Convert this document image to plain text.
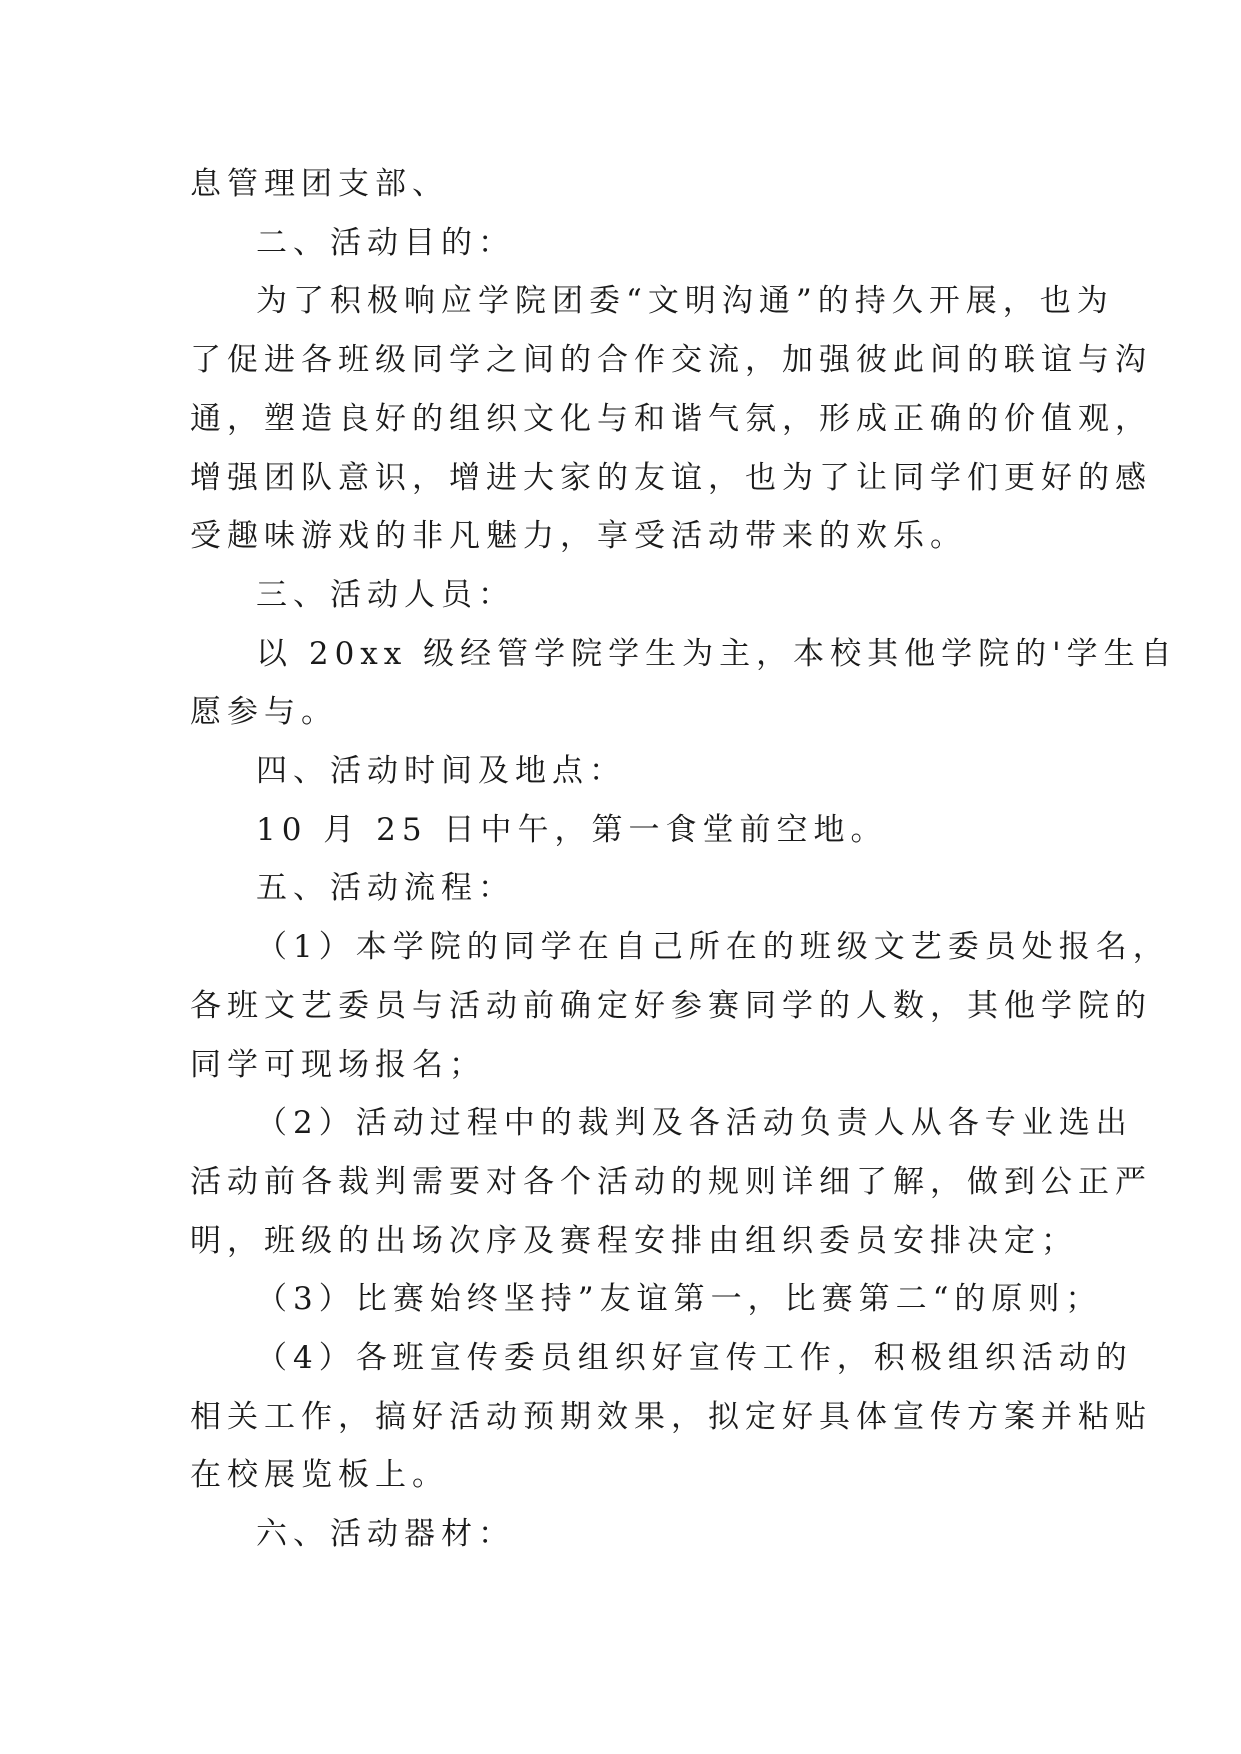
息管理团支部、
二、活动目的：
为了积极响应学院团委“文明沟通”的持久开展，也为
了促进各班级同学之间的合作交流，加强彼此间的联谊与沟
通，塑造良好的组织文化与和谐气氛，形成正确的价值观，
增强团队意识，增进大家的友谊，也为了让同学们更好的感
受趣味游戏的非凡魅力，享受活动带来的欢乐。
三、活动人员：
以 20xx 级经管学院学生为主，本校其他学院的'学生自
愿参与。
四、活动时间及地点：
10 月 25 日中午，第一食堂前空地。
五、活动流程：
（1）本学院的同学在自己所在的班级文艺委员处报名，
各班文艺委员与活动前确定好参赛同学的人数，其他学院的
同学可现场报名；
（2）活动过程中的裁判及各活动负责人从各专业选出
活动前各裁判需要对各个活动的规则详细了解，做到公正严
明，班级的出场次序及赛程安排由组织委员安排决定；
（3）比赛始终坚持”友谊第一，比赛第二“的原则；
（4）各班宣传委员组织好宣传工作，积极组织活动的
相关工作，搞好活动预期效果，拟定好具体宣传方案并粘贴
在校展览板上。
六、活动器材：
